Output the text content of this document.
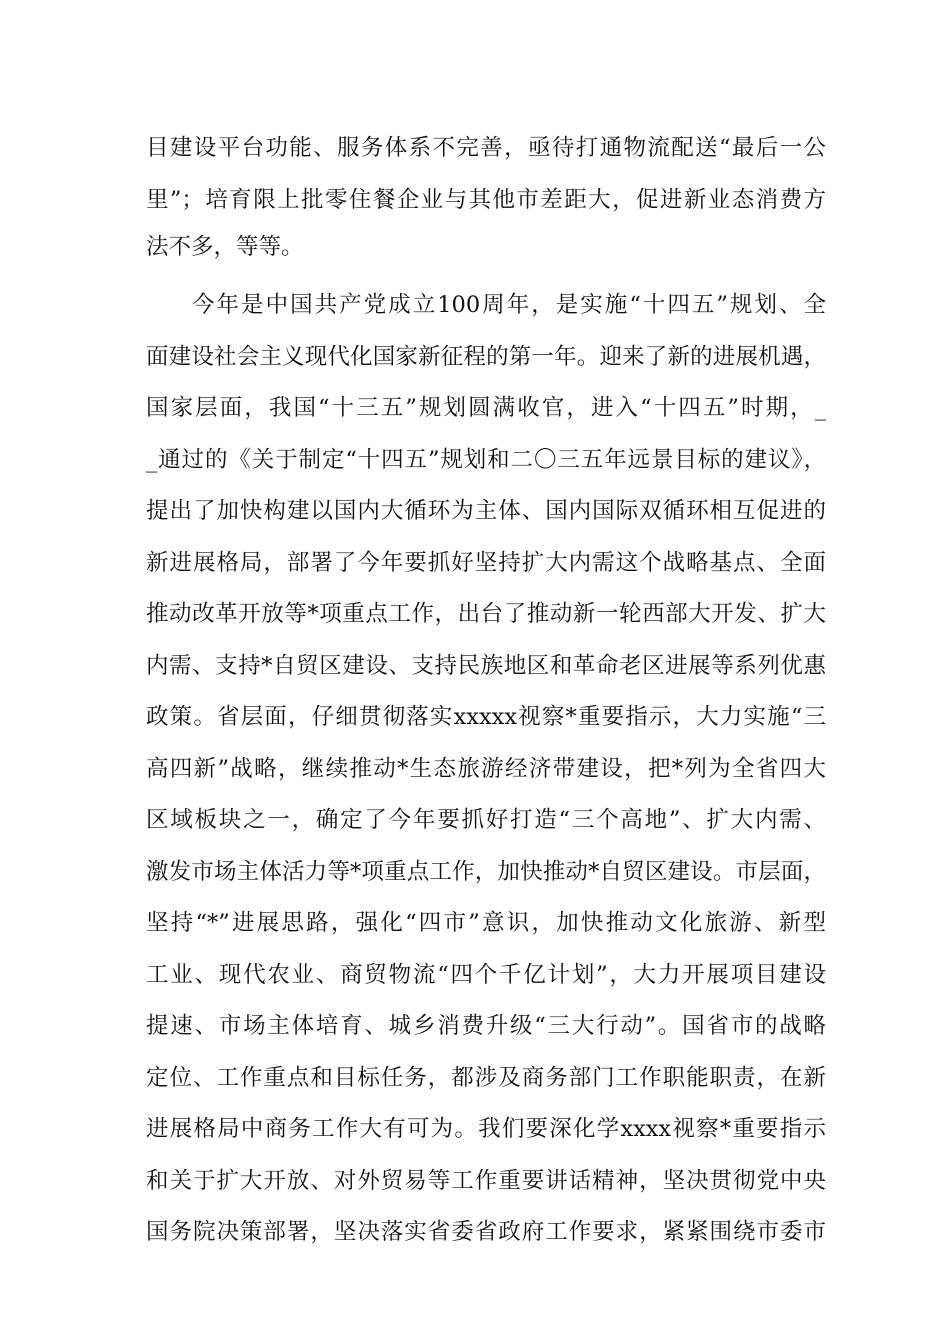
目建设平台功能、服务体系不完善，亟待打通物流配送“最后一公
里”；培育限上批零住餐企业与其他市差距大，促进新业态消费方
法不多，等等。
今年是中国共产党成立100周年，是实施“十四五”规划、全
面建设社会主义现代化国家新征程的第一年。迎来了新的进展机遇，
国家层面，我国“十三五”规划圆满收官，进入“十四五”时期，_
_通过的《关于制定“十四五”规划和二〇三五年远景目标的建议》，
提出了加快构建以国内大循环为主体、国内国际双循环相互促进的
新进展格局，部署了今年要抓好坚持扩大内需这个战略基点、全面
推动改革开放等*项重点工作，出台了推动新一轮西部大开发、扩大
内需、支持*自贸区建设、支持民族地区和革命老区进展等系列优惠
政策。省层面，仔细贯彻落实xxxxx视察*重要指示，大力实施“三
高四新”战略，继续推动*生态旅游经济带建设，把*列为全省四大
区域板块之一，确定了今年要抓好打造“三个高地”、扩大内需、
激发市场主体活力等*项重点工作，加快推动*自贸区建设。市层面，
坚持“*”进展思路，强化“四市”意识，加快推动文化旅游、新型
工业、现代农业、商贸物流“四个千亿计划”，大力开展项目建设
提速、市场主体培育、城乡消费升级“三大行动”。国省市的战略
定位、工作重点和目标任务，都涉及商务部门工作职能职责，在新
进展格局中商务工作大有可为。我们要深化学xxxx视察*重要指示
和关于扩大开放、对外贸易等工作重要讲话精神，坚决贯彻党中央
国务院决策部署，坚决落实省委省政府工作要求，紧紧围绕市委市
